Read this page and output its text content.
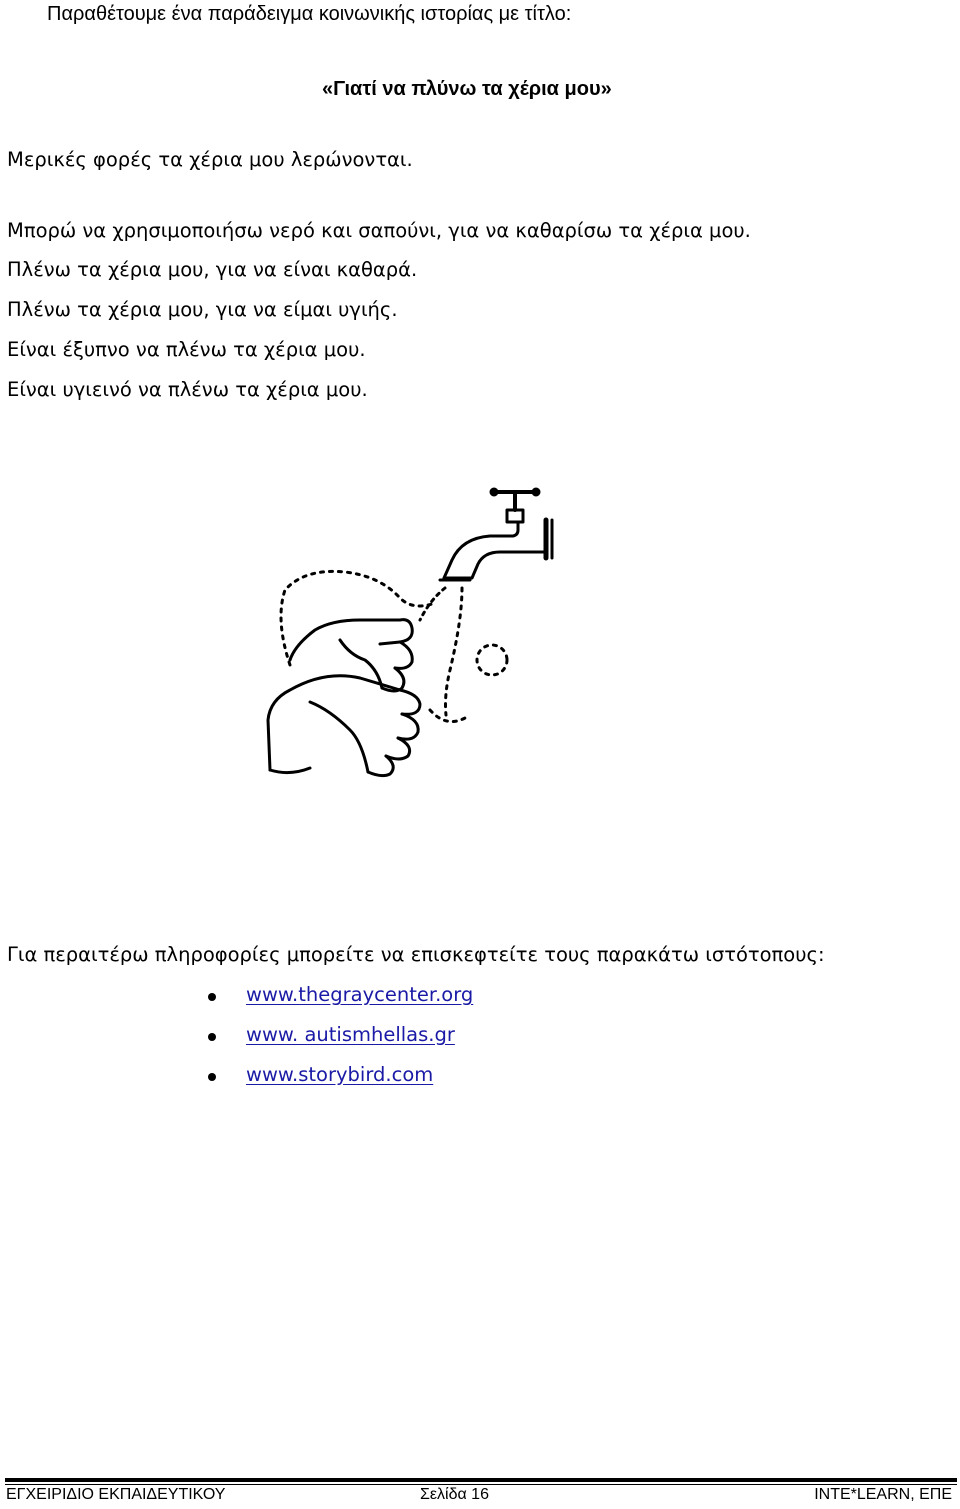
Παραθέτουμε ένα παράδειγμα κοινωνικής ιστορίας με τίτλο:
«Γιατί να πλύνω τα χέρια μου»
Μερικές φορές τα χέρια μου λερώνονται.
Μπορώ να χρησιμοποιήσω νερό και σαπούνι, για να καθαρίσω τα χέρια μου.
Πλένω τα χέρια μου, για να είναι καθαρά.
Πλένω τα χέρια μου, για να είμαι υγιής.
Είναι έξυπνο να πλένω τα χέρια μου.
Είναι υγιεινό να πλένω τα χέρια μου.
Για περαιτέρω πληροφορίες μπορείτε να επισκεφτείτε τους παρακάτω ιστότοπους:
www.thegraycenter.org
www. autismhellas.gr
www.storybird.com
ΕΓΧΕΙΡΙΔΙΟ ΕΚΠΑΙΔΕΥΤΙΚΟΥ	Σελίδα 16	INTE*LEARN, ΕΠΕ
